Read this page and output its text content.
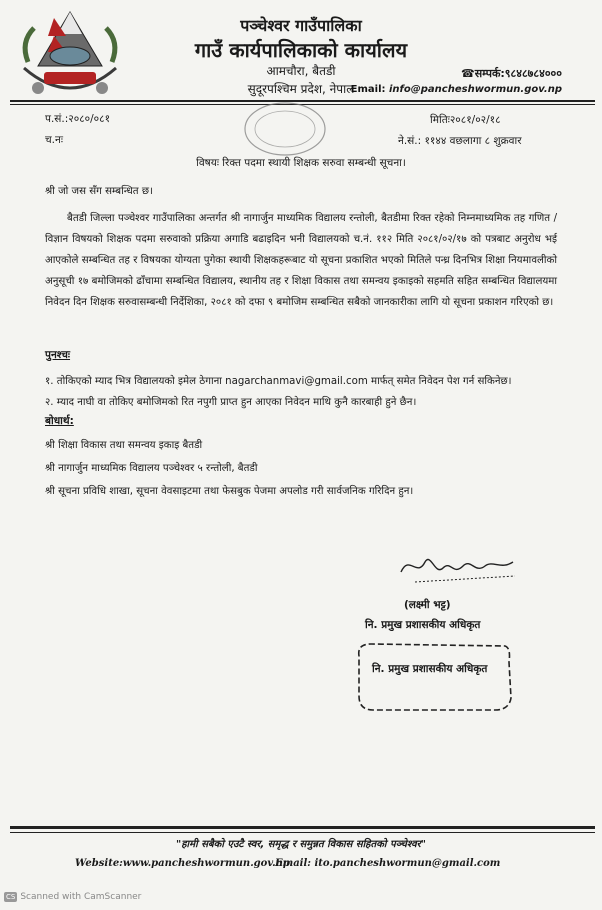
पञ्चेश्वर गाउँपालिका
गाउँ कार्यपालिकाको कार्यालय
आमचौरा, बैतडी
सुदूरपश्चिम प्रदेश, नेपाल
☎सम्पर्क:९८४८७८४०००
Email: info@pancheshwormun.gov.np
प.सं.:२०८०/०८१
च.नः
मितिः२०८१/०२/१८
ने.सं.: ११४४ वछलागा ८ शुक्रवार
विषयः रिक्त पदमा स्थायी शिक्षक सरुवा सम्बन्धी सूचना।
श्री जो जस सँग सम्बन्धित छ।
बैतडी जिल्ला पञ्चेश्वर गाउँपालिका अन्तर्गत श्री नागार्जुन माध्यमिक विद्यालय रन्तोली, बैतडीमा रिक्त रहेको निम्नमाध्यमिक तह गणित / विज्ञान विषयको शिक्षक पदमा सरुवाको प्रक्रिया अगाडि बढाइदिन भनी विद्यालयको च.नं. ११२ मिति २०८१/०२/१७ को पत्रबाट अनुरोध भई आएकोले सम्बन्धित तह र विषयका योग्यता पुगेका स्थायी शिक्षकहरूबाट यो सूचना प्रकाशित भएको मितिले पन्ध्र दिनभित्र शिक्षा नियमावलीको अनुसूची १७ बमोजिमको ढाँचामा सम्बन्धित विद्यालय, स्थानीय तह र शिक्षा विकास तथा समन्वय इकाइको सहमति सहित सम्बन्धित विद्यालयमा निवेदन दिन शिक्षक सरुवासम्बन्धी निर्देशिका, २०८१ को दफा ९ बमोजिम सम्बन्धित सबैको जानकारीका लागि यो सूचना प्रकाशन गरिएको छ।
पुनश्चः
१. तोकिएको म्याद भित्र विद्यालयको इमेल ठेगाना nagarchanmavi@gmail.com मार्फत् समेत निवेदन पेश गर्न सकिनेछ।
२. म्याद नाघी वा तोकिए बमोजिमको रित नपुगी प्राप्त हुन आएका निवेदन माथि कुनै कारबाही हुने छैन।
बोधार्थ:
श्री शिक्षा विकास तथा समन्वय इकाइ बैतडी
श्री नागार्जुन माध्यमिक विद्यालय पञ्चेश्वर ५ रन्तोली, बैतडी
श्री सूचना प्रविधि शाखा, सूचना वेवसाइटमा तथा फेसबुक पेजमा अपलोड गरी सार्वजनिक गरिदिन हुन।
(लक्ष्मी भट्ट)
नि. प्रमुख प्रशासकीय अधिकृत
नि. प्रमुख प्रशासकीय अधिकृत
"हामी सबैको एउटै स्वर, समृद्ध र समुन्नत विकास सहितको पञ्चेश्वर"
Website:www.pancheshwormun.gov.np
Email: ito.pancheshwormun@gmail.com
CS Scanned with CamScanner
